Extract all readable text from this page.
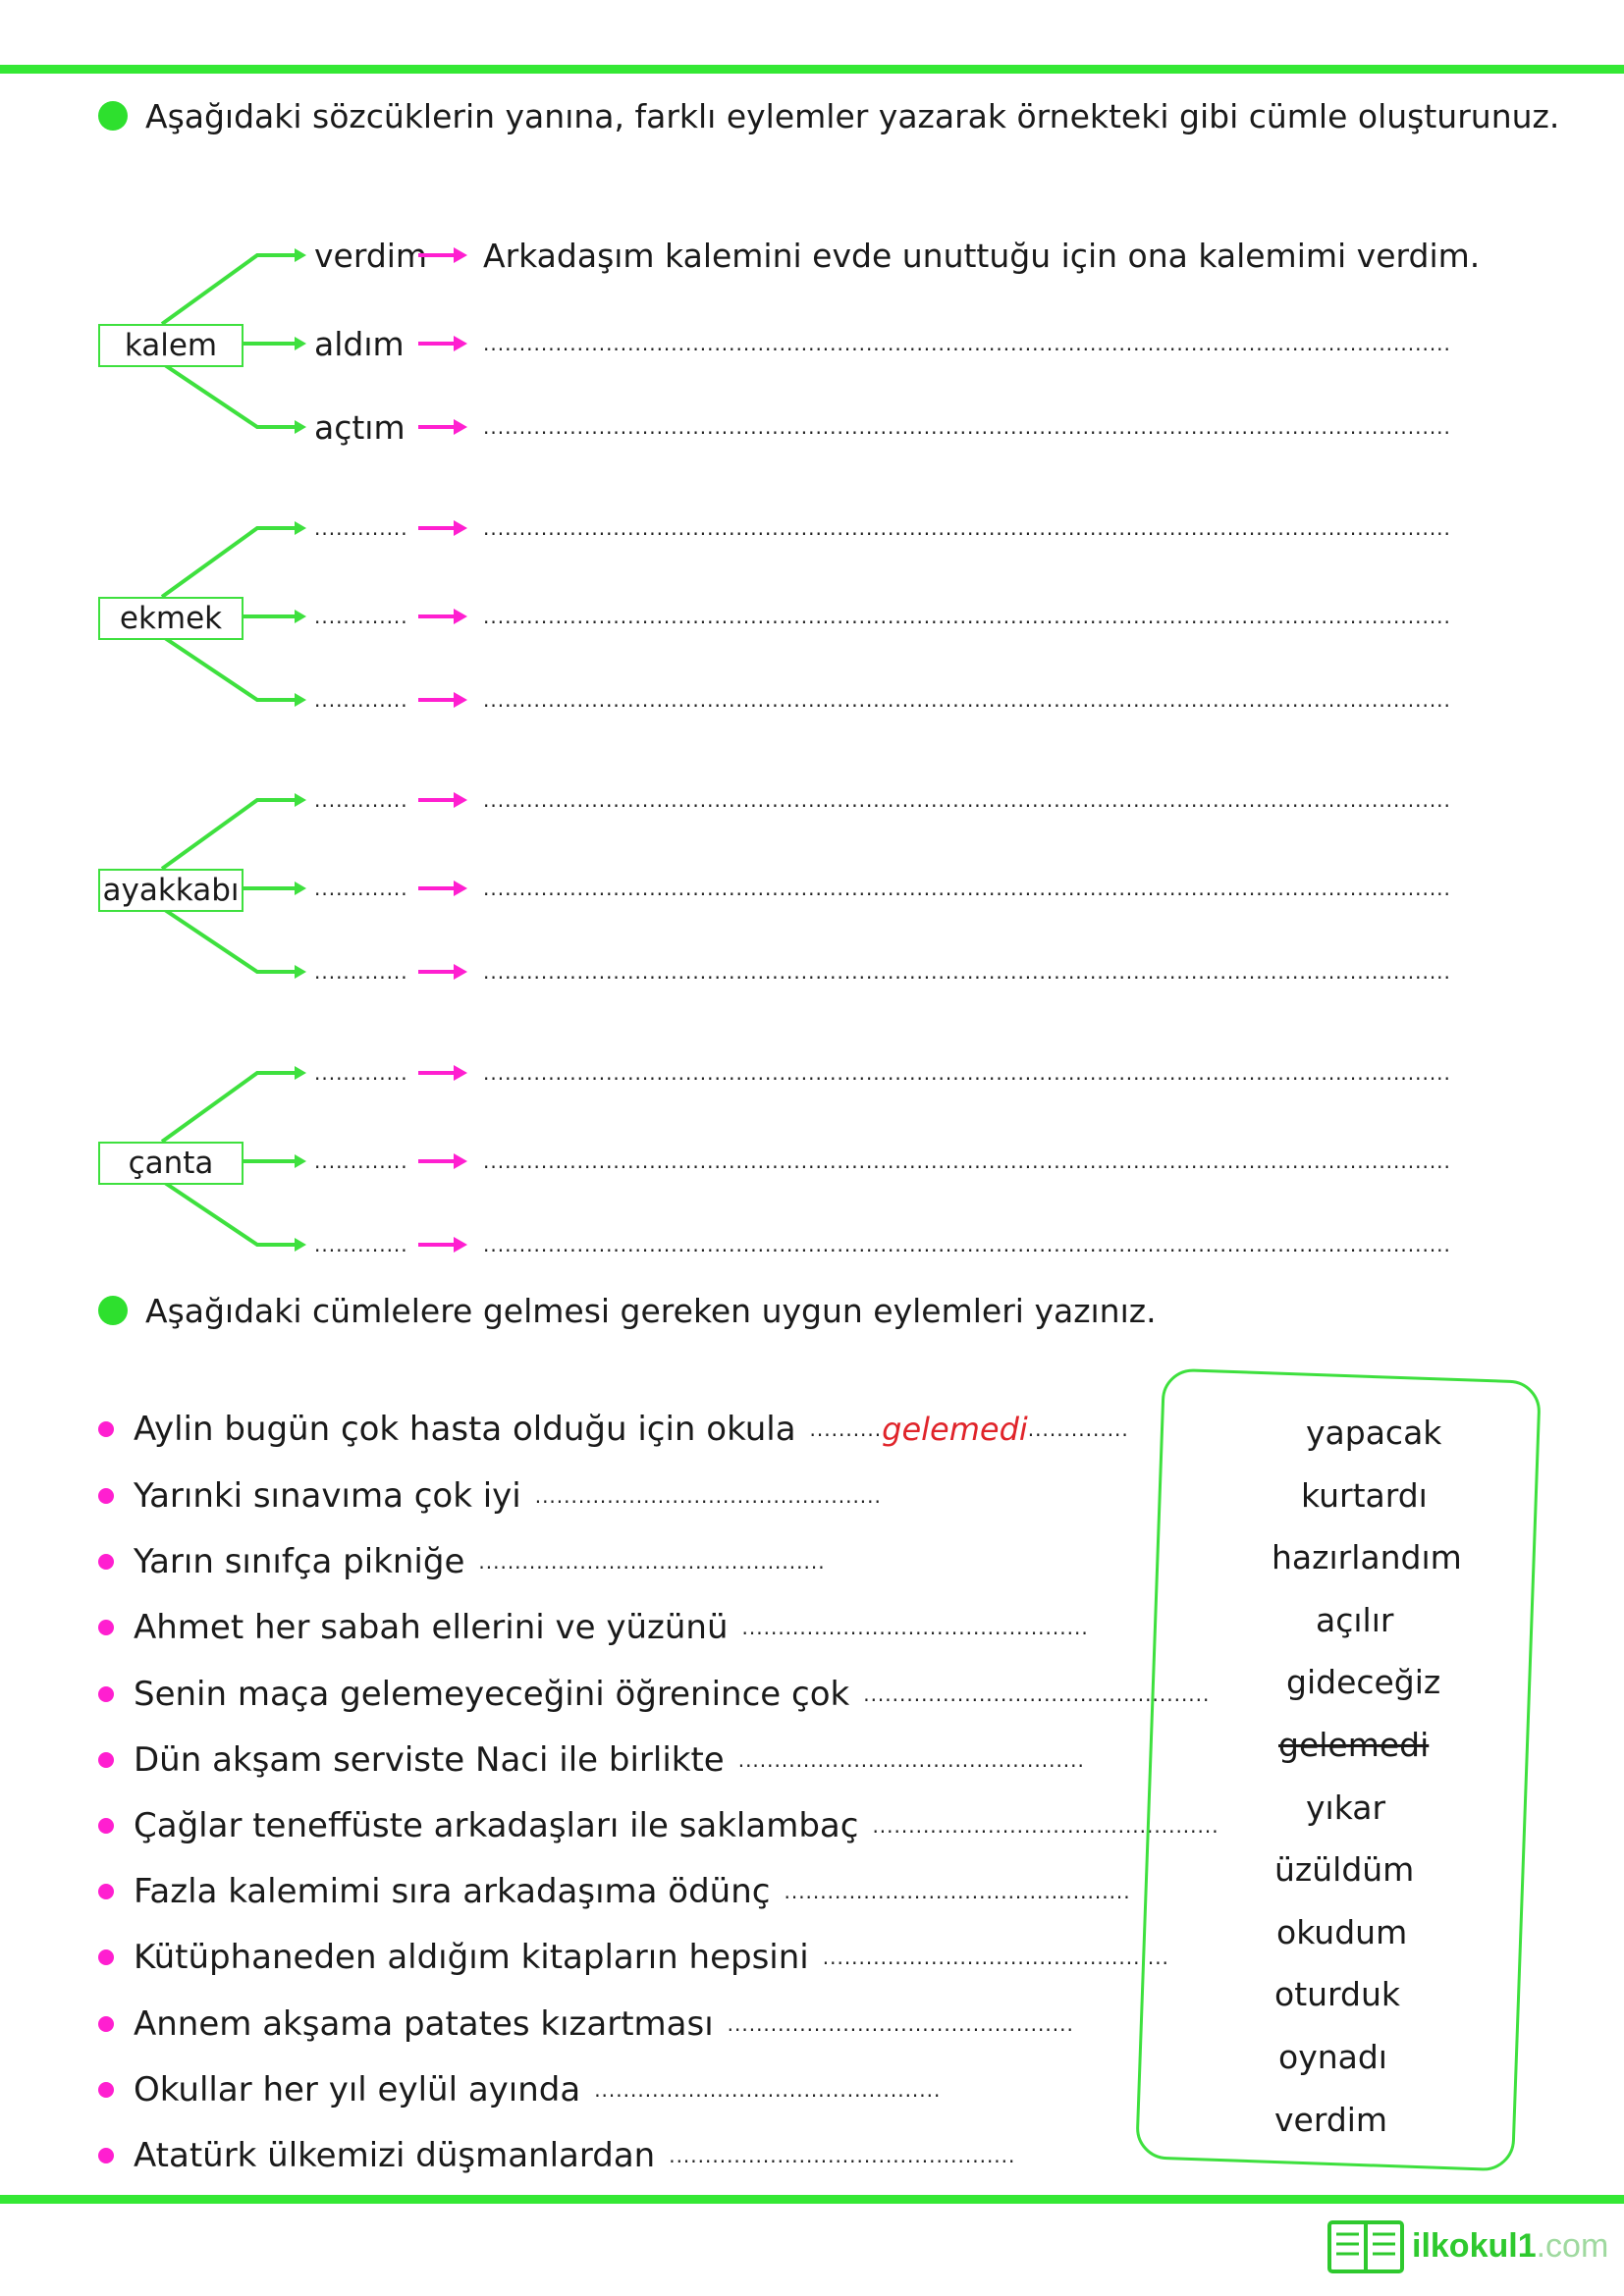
Aşağıdaki sözcüklerin yanına, farklı eylemler yazarak örnekteki gibi cümle oluşturunuz.
kalem
verdim Arkadaşım kalemini evde unuttuğu için ona kalemimi verdim.
aldım	......................................................................................................................................
açtım	......................................................................................................................................
ekmek
.............	......................................................................................................................................
.............	......................................................................................................................................
.............	......................................................................................................................................
ayakkabı
.............	......................................................................................................................................
.............	......................................................................................................................................
.............	......................................................................................................................................
çanta
.............	......................................................................................................................................
.............	......................................................................................................................................
.............	......................................................................................................................................
Aşağıdaki cümlelere gelmesi gereken uygun eylemleri yazınız.
Aylin bugün çok hasta olduğu için okula .......... gelemedi ..............
Yarınki sınavıma çok iyi ................................................
Yarın sınıfça pikniğe ................................................
Ahmet her sabah ellerini ve yüzünü ................................................
Senin maça gelemeyeceğini öğrenince çok ................................................
Dün akşam serviste Naci ile birlikte ................................................
Çağlar teneffüste arkadaşları ile saklambaç ................................................
Fazla kalemimi sıra arkadaşıma ödünç ................................................
Kütüphaneden aldığım kitapların hepsini ................................................
Annem akşama patates kızartması ................................................
Okullar her yıl eylül ayında ................................................
Atatürk ülkemizi düşmanlardan ................................................
yapacak
kurtardı
hazırlandım
açılır
gideceğiz
gelemedi
yıkar
üzüldüm
okudum
oturduk
oynadı
verdim
ilkokul1.com
